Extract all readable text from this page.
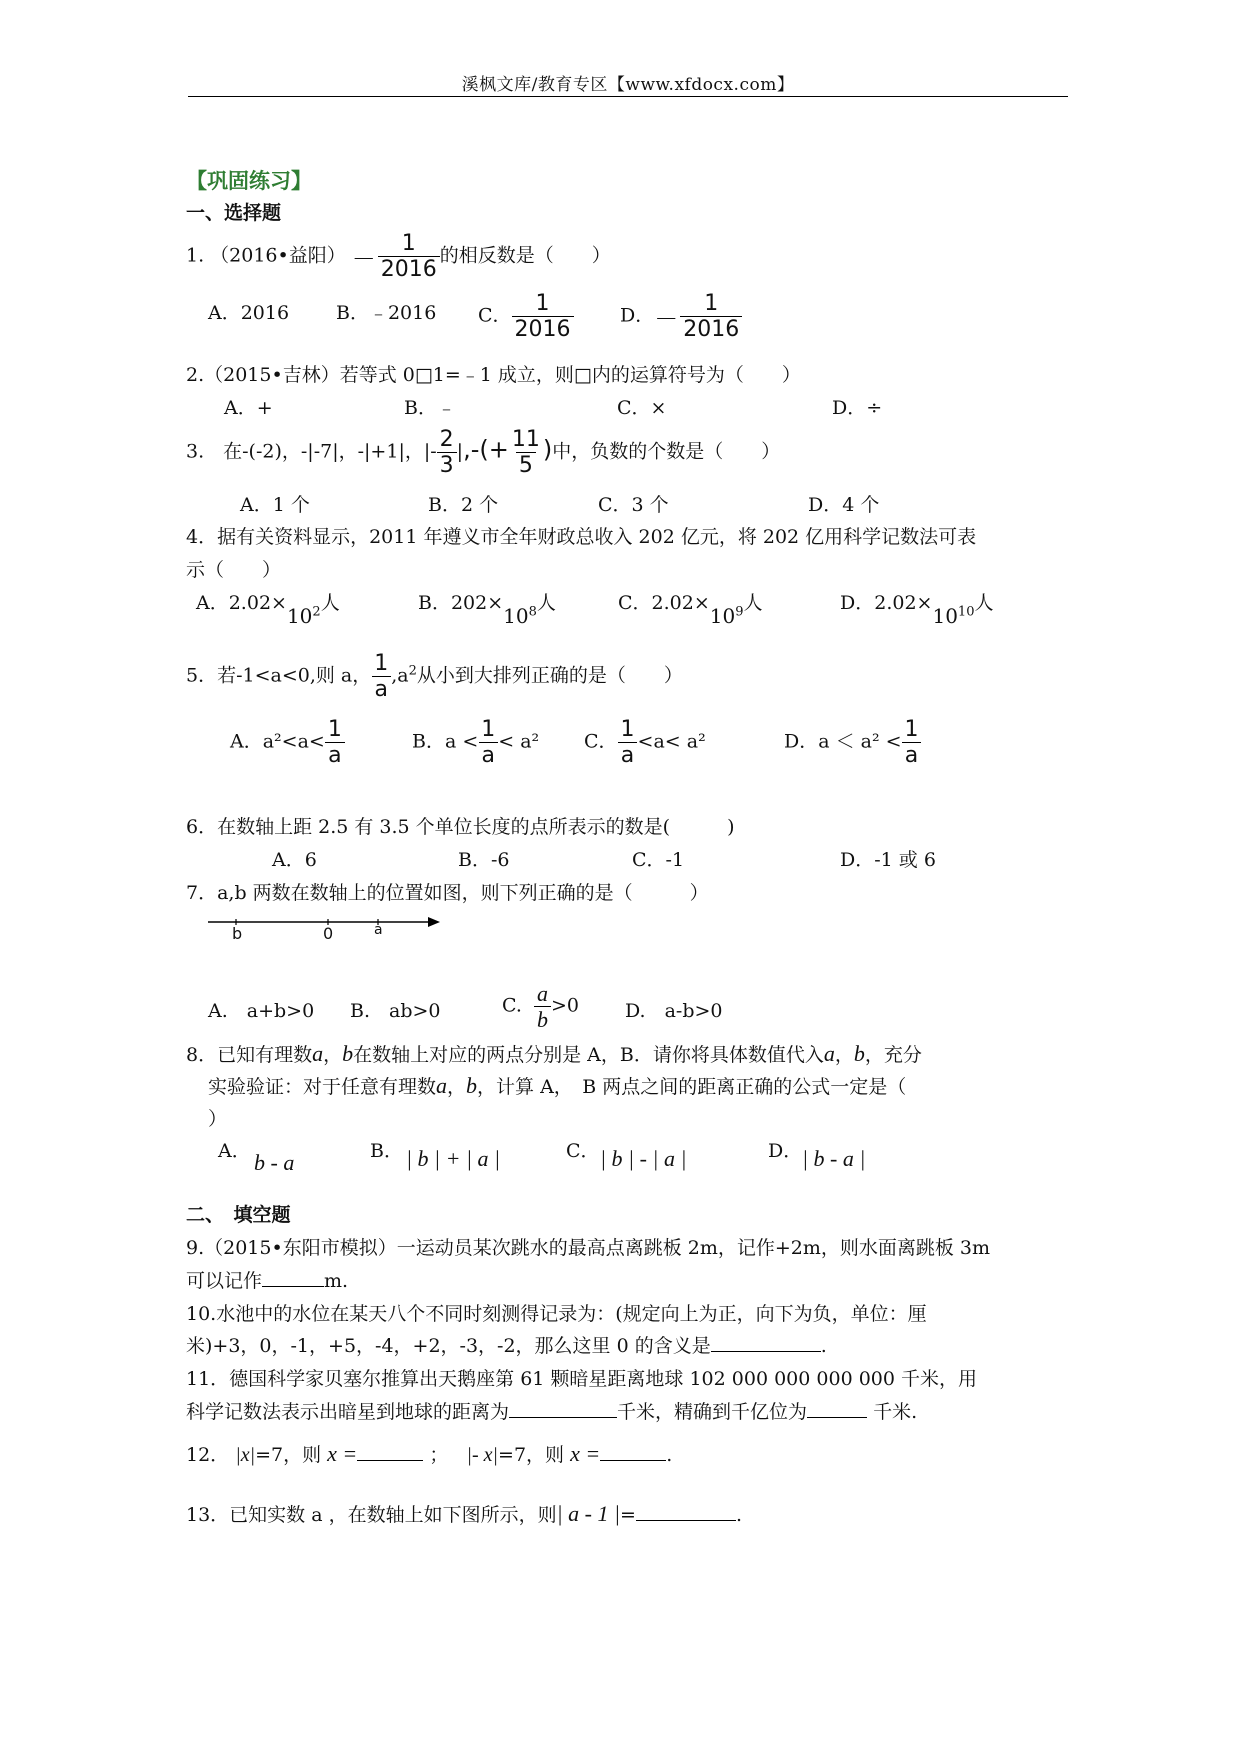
溪枫文库/教育专区【www.xfdocx.com】
【巩固练习】
一、选择题
1. （2016•益阳） － $\frac{1}{2016}$ 的相反数是（　　）
A．2016 B．﹣2016 C． $\frac{1}{2016}$ D．－ $\frac{1}{2016}$
2.（2015•吉林）若等式 0□1=﹣1 成立，则□内的运算符号为（　　）
A．+	B．﹣	C．×	D．÷
3.　在-(-2)，-|-7|，-|+1|，|- $\frac{2}{3}$ |,-(+ $\frac{11}{5}$ )中，负数的个数是（　　）
A．1 个	B．2 个	C．3 个	D．4 个
4．据有关资料显示，2011 年遵义市全年财政总收入 202 亿元，将 202 亿用科学记数法可表
示（　　）
A．$2.02\times 10^2$人	B．$202\times 10^8$人	C．$2.02\times 10^9$人	D．$2.02\times 10^{10}$人
5．若-1<a<0,则 a， $\frac{1}{a} ,a^2$从小到大排列正确的是（　　）
A．$a^2<a< \frac{1}{a}$	B．$a < \frac{1}{a} < a^2$ C． $\frac{1}{a} <a< a^2$	D．$a < a^2 < \frac{1}{a}$
6．在数轴上距 2.5 有 3.5 个单位长度的点所表示的数是(　　　)
A．6	B．-6	C．-1	D．-1 或 6
7．a,b 两数在数轴上的位置如图，则下列正确的是（　　　）
b	0	a
A.　a+b>0 B.　ab>0	C. $\frac{a}{b} >0$ D.　a-b>0
8．已知有理数a，b在数轴上对应的两点分别是 A，B．请你将具体数值代入a，b，充分
实验验证：对于任意有理数a，b，计算 A，　B 两点之间的距离正确的公式一定是（
）
A． b - a	B． | b | + | a |	C． | b | - | a |	D． | b - a |
二、　填空题
9.（2015•东阳市模拟）一运动员某次跳水的最高点离跳板 2m，记作+2m，则水面离跳板 3m
可以记作	m.
10.水池中的水位在某天八个不同时刻测得记录为：(规定向上为正，向下为负，单位：厘
米)+3，0，-1，+5，-4，+2，-3，-2，那么这里 0 的含义是	.
11．德国科学家贝塞尔推算出天鹅座第 61 颗暗星距离地球 102 000 000 000 000 千米，用
科学记数法表示出暗星到地球的距离为	千米，精确到千亿位为	千米.
12． |x|=7，则 x =	； |- x|=7，则 x =	.
13．已知实数 a ，在数轴上如下图所示，则| a - 1 |=	.
